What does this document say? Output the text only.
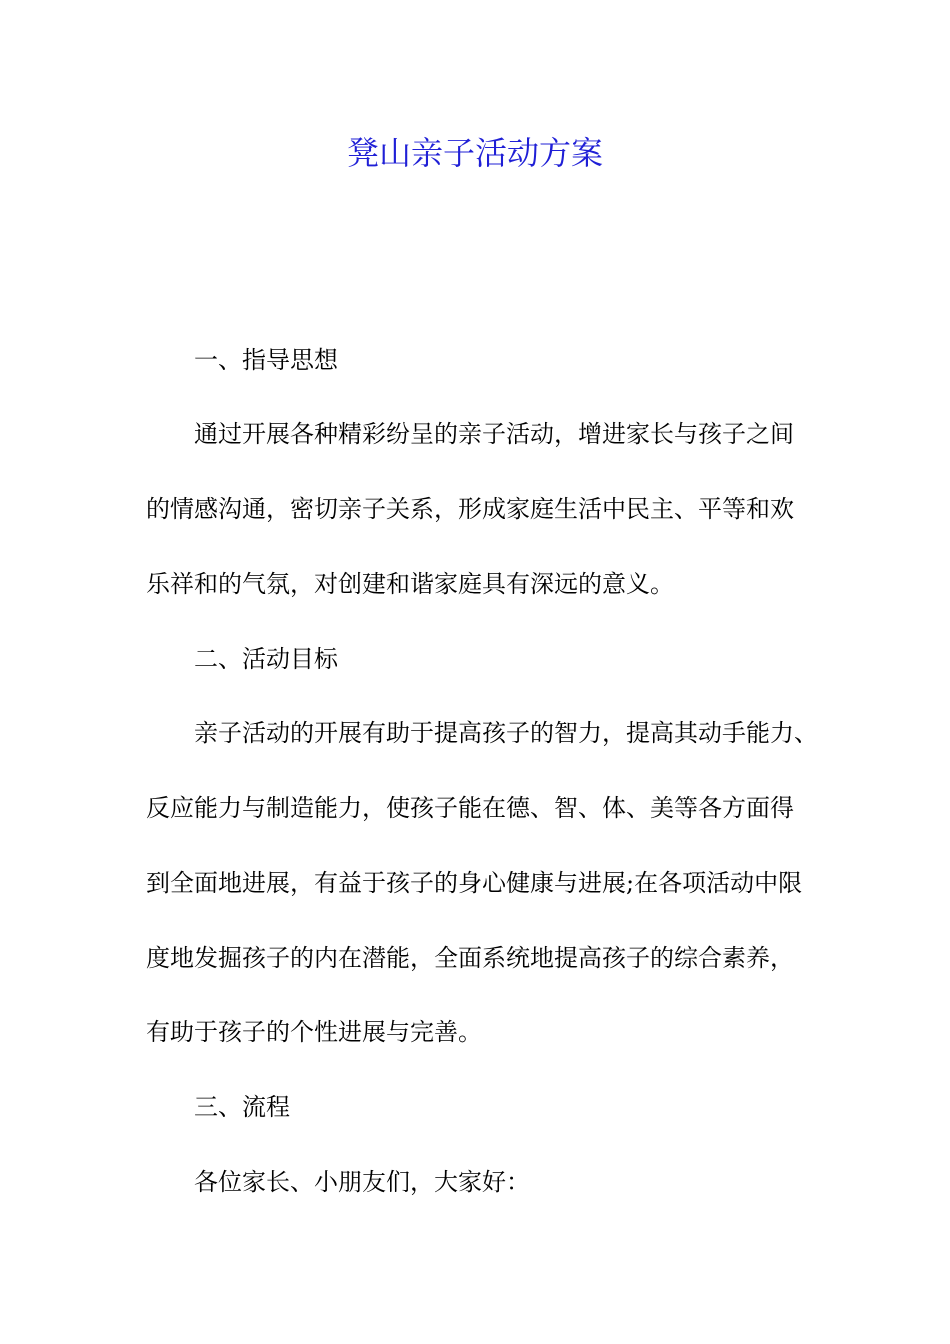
凳山亲子活动方案

一、指导思想

通过开展各种精彩纷呈的亲子活动，增进家长与孩子之间

的情感沟通，密切亲子关系，形成家庭生活中民主、平等和欢

乐祥和的气氛，对创建和谐家庭具有深远的意义。

二、活动目标

亲子活动的开展有助于提高孩子的智力，提高其动手能力、

反应能力与制造能力，使孩子能在德、智、体、美等各方面得

到全面地进展，有益于孩子的身心健康与进展;在各项活动中限

度地发掘孩子的内在潜能，全面系统地提高孩子的综合素养，

有助于孩子的个性进展与完善。

三、流程

各位家长、小朋友们，大家好：
